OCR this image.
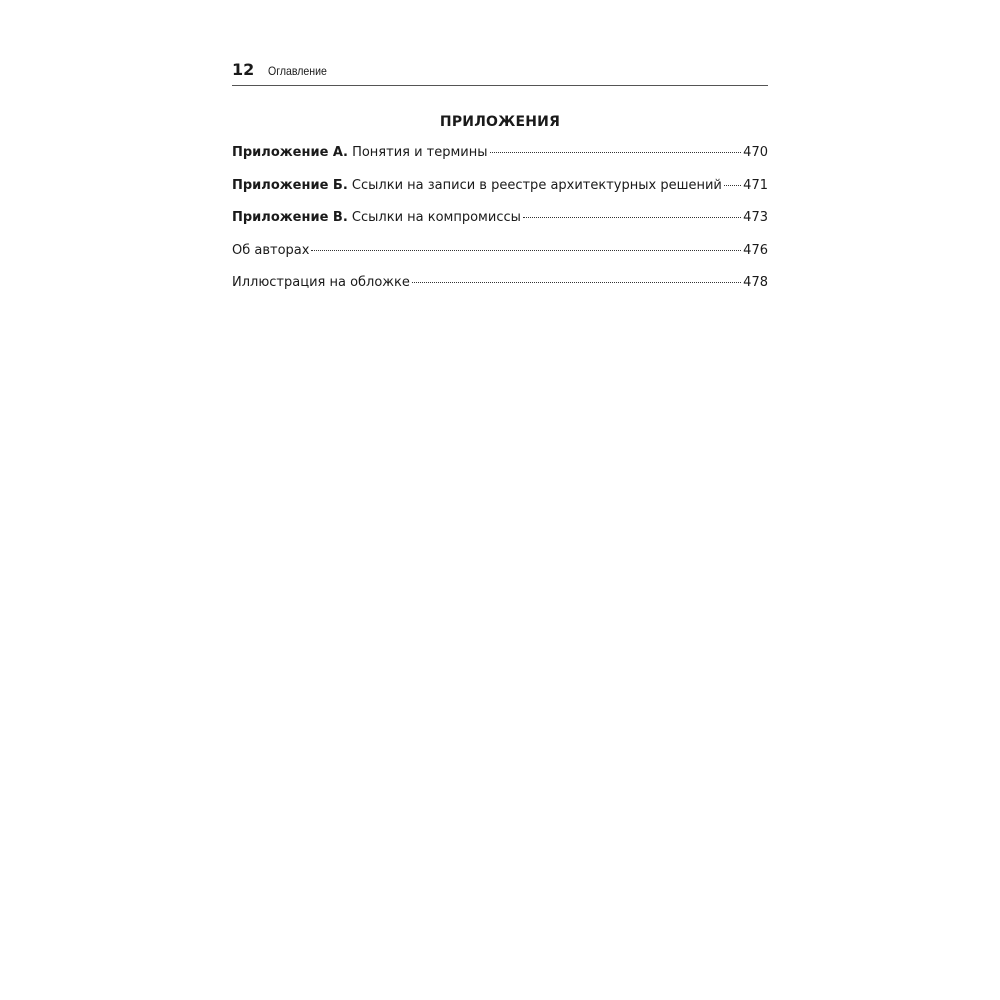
12 Оглавление
ПРИЛОЖЕНИЯ
Приложение А. Понятия и термины	470
Приложение Б. Ссылки на записи в реестре архитектурных решений 471
Приложение В. Ссылки на компромиссы	473
Об авторах	476
Иллюстрация на обложке	478
